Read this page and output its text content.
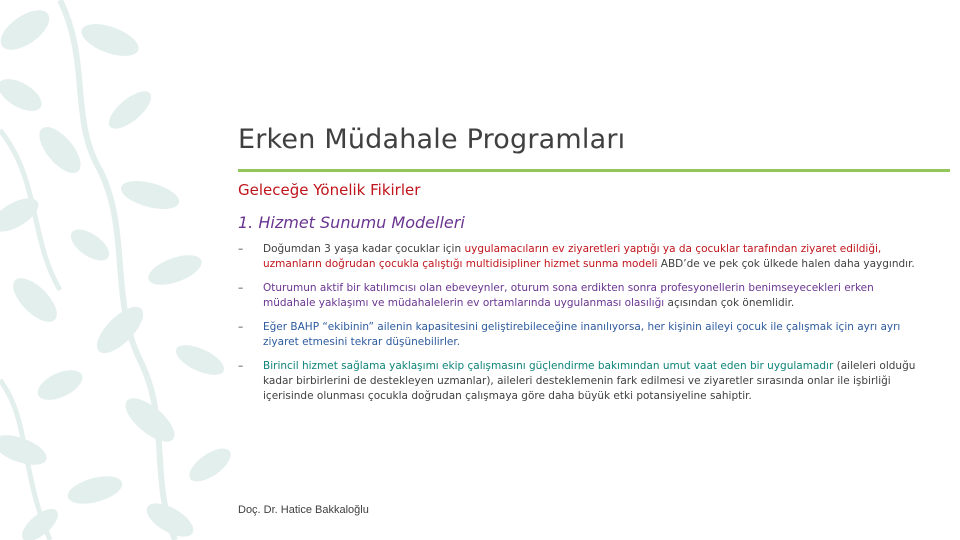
Erken Müdahale Programları
Geleceğe Yönelik Fikirler
1. Hizmet Sunumu Modelleri
– Doğumdan 3 yaşa kadar çocuklar için uygulamacıların ev ziyaretleri yaptığı ya da çocuklar tarafından ziyaret edildiği, uzmanların doğrudan çocukla çalıştığı multidisipliner hizmet sunma modeli ABD’de ve pek çok ülkede halen daha yaygındır.
– Oturumun aktif bir katılımcısı olan ebeveynler, oturum sona erdikten sonra profesyonellerin benimseyecekleri erken müdahale yaklaşımı ve müdahalelerin ev ortamlarında uygulanması olasılığı açısından çok önemlidir.
– Eğer BAHP “ekibinin” ailenin kapasitesini geliştirebileceğine inanılıyorsa, her kişinin aileyi çocuk ile çalışmak için ayrı ayrı ziyaret etmesini tekrar düşünebilirler.
– Birincil hizmet sağlama yaklaşımı ekip çalışmasını güçlendirme bakımından umut vaat eden bir uygulamadır (aileleri olduğu kadar birbirlerini de destekleyen uzmanlar), aileleri desteklemenin fark edilmesi ve ziyaretler sırasında onlar ile işbirliği içerisinde olunması çocukla doğrudan çalışmaya göre daha büyük etki potansiyeline sahiptir.
Doç. Dr. Hatice Bakkaloğlu
